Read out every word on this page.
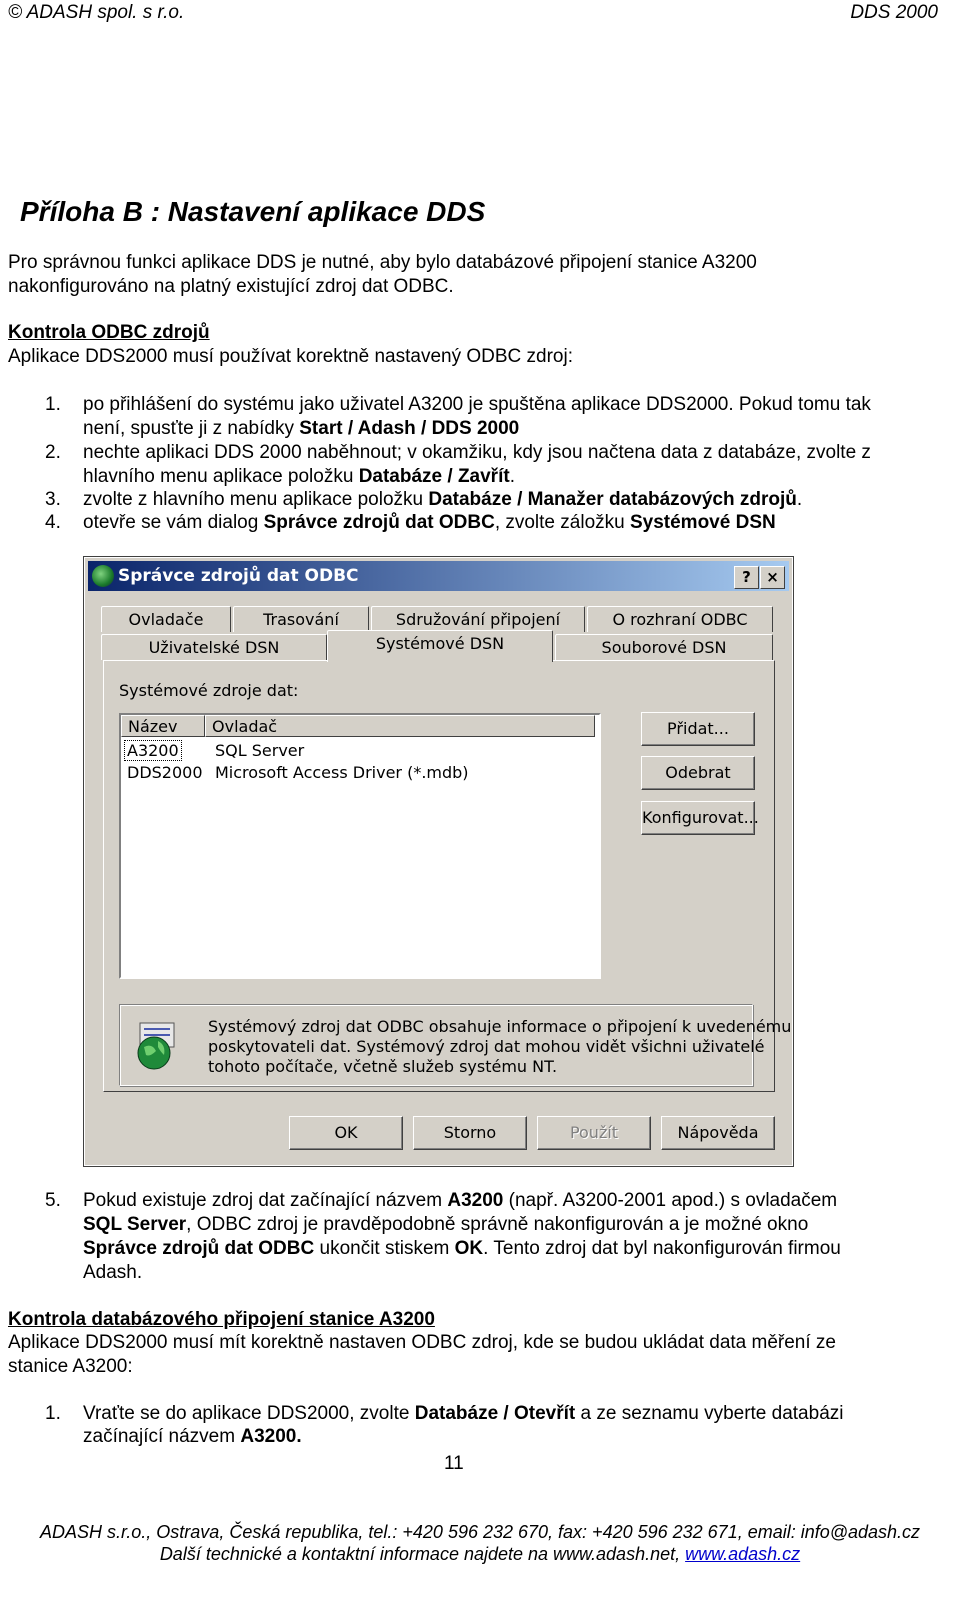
© ADASH spol. s r.o.	DDS 2000
Příloha B : Nastavení aplikace DDS

Pro správnou funkci aplikace DDS je nutné, aby bylo databázové připojení stanice A3200

nakonfigurováno na platný existující zdroj dat ODBC.

Kontrola ODBC zdrojů

Aplikace DDS2000 musí používat korektně nastavený ODBC zdroj:

1. po přihlášení do systému jako uživatel A3200 je spuštěna aplikace DDS2000. Pokud tomu tak
není, spusťte ji z nabídky Start / Adash / DDS 2000
2. nechte aplikaci DDS 2000 naběhnout; v okamžiku, kdy jsou načtena data z databáze, zvolte z
hlavního menu aplikace položku Databáze / Zavřít.
3. zvolte z hlavního menu aplikace položku Databáze / Manažer databázových zdrojů.
4. otevře se vám dialog Správce zdrojů dat ODBC, zvolte záložku Systémové DSN
Správce zdrojů dat ODBC	?	×
Ovladače	Trasování	Sdružování připojení	O rozhraní ODBC
Uživatelské DSN	Systémové DSN	Souborové DSN
Systémové zdroje dat:
Název	Ovladač
A3200 SQL Server
DDS2000 Microsoft Access Driver (*.mdb)
Přidat...
Odebrat
Konfigurovat...
Systémový zdroj dat ODBC obsahuje informace o připojení k uvedenému
poskytovateli dat. Systémový zdroj dat mohou vidět všichni uživatelé
tohoto počítače, včetně služeb systému NT.
OK	Storno	Použít	Nápověda
5. Pokud existuje zdroj dat začínající názvem A3200 (např. A3200-2001 apod.) s ovladačem
SQL Server, ODBC zdroj je pravděpodobně správně nakonfigurován a je možné okno
Správce zdrojů dat ODBC ukončit stiskem OK. Tento zdroj dat byl nakonfigurován firmou
Adash.

Kontrola databázového připojení stanice A3200

Aplikace DDS2000 musí mít korektně nastaven ODBC zdroj, kde se budou ukládat data měření ze

stanice A3200:

1. Vraťte se do aplikace DDS2000, zvolte Databáze / Otevřít a ze seznamu vyberte databázi
začínající názvem A3200.
11
ADASH s.r.o., Ostrava, Česká republika, tel.: +420 596 232 670, fax: +420 596 232 671, email: info@adash.cz
Další technické a kontaktní informace najdete na www.adash.net, www.adash.cz
